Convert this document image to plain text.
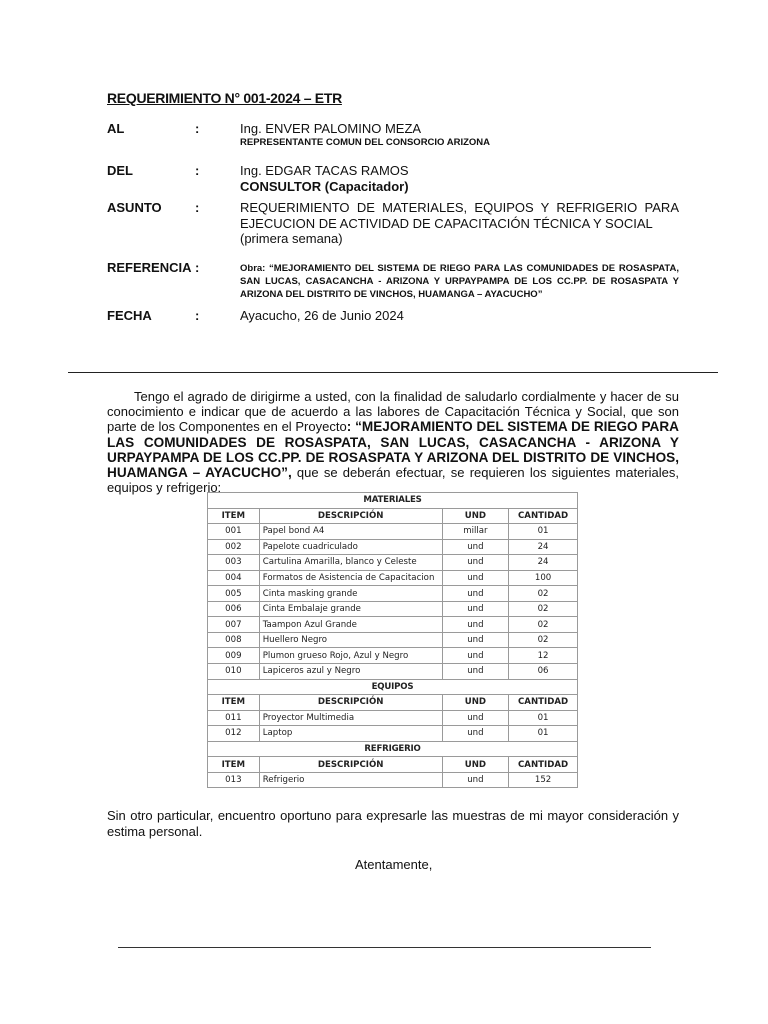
REQUERIMIENTO N° 001-2024 – ETR
AL	:	Ing. ENVER PALOMINO MEZA
REPRESENTANTE COMUN DEL CONSORCIO ARIZONA
DEL	:	Ing. EDGAR TACAS RAMOS
CONSULTOR (Capacitador)
ASUNTO	:	REQUERIMIENTO DE MATERIALES, EQUIPOS Y REFRIGERIO PARA EJECUCION DE ACTIVIDAD DE CAPACITACIÓN TÉCNICA Y SOCIAL
(primera semana)
REFERENCIA :	Obra: “MEJORAMIENTO DEL SISTEMA DE RIEGO PARA LAS COMUNIDADES DE ROSASPATA, SAN LUCAS, CASACANCHA - ARIZONA Y URPAYPAMPA DE LOS CC.PP. DE ROSASPATA Y ARIZONA DEL DISTRITO DE VINCHOS, HUAMANGA – AYACUCHO”
FECHA	:	Ayacucho, 26 de Junio 2024
Tengo el agrado de dirigirme a usted, con la finalidad de saludarlo cordialmente y hacer de su conocimiento e indicar que de acuerdo a las labores de Capacitación Técnica y Social, que son parte de los Componentes en el Proyecto: “MEJORAMIENTO DEL SISTEMA DE RIEGO PARA LAS COMUNIDADES DE ROSASPATA, SAN LUCAS, CASACANCHA - ARIZONA Y URPAYPAMPA DE LOS CC.PP. DE ROSASPATA Y ARIZONA DEL DISTRITO DE VINCHOS, HUAMANGA – AYACUCHO”, que se deberán efectuar, se requieren los siguientes materiales, equipos y refrigerio:
MATERIALES			
ITEM	DESCRIPCIÓN	UND	CANTIDAD
001	Papel bond A4	millar	01
002	Papelote cuadriculado	und	24
003	Cartulina Amarilla, blanco y Celeste	und	24
004	Formatos de Asistencia de Capacitacion	und	100
005	Cinta masking grande	und	02
006	Cinta Embalaje grande	und	02
007	Taampon Azul Grande	und	02
008	Huellero Negro	und	02
009	Plumon grueso Rojo, Azul y Negro	und	12
010	Lapiceros azul y Negro	und	06
EQUIPOS			
ITEM	DESCRIPCIÓN	UND	CANTIDAD
011	Proyector Multimedia	und	01
012	Laptop	und	01
REFRIGERIO			
ITEM	DESCRIPCIÓN	UND	CANTIDAD
013	Refrigerio	und	152
Sin otro particular, encuentro oportuno para expresarle las muestras de mi mayor consideración y estima personal.
Atentamente,
